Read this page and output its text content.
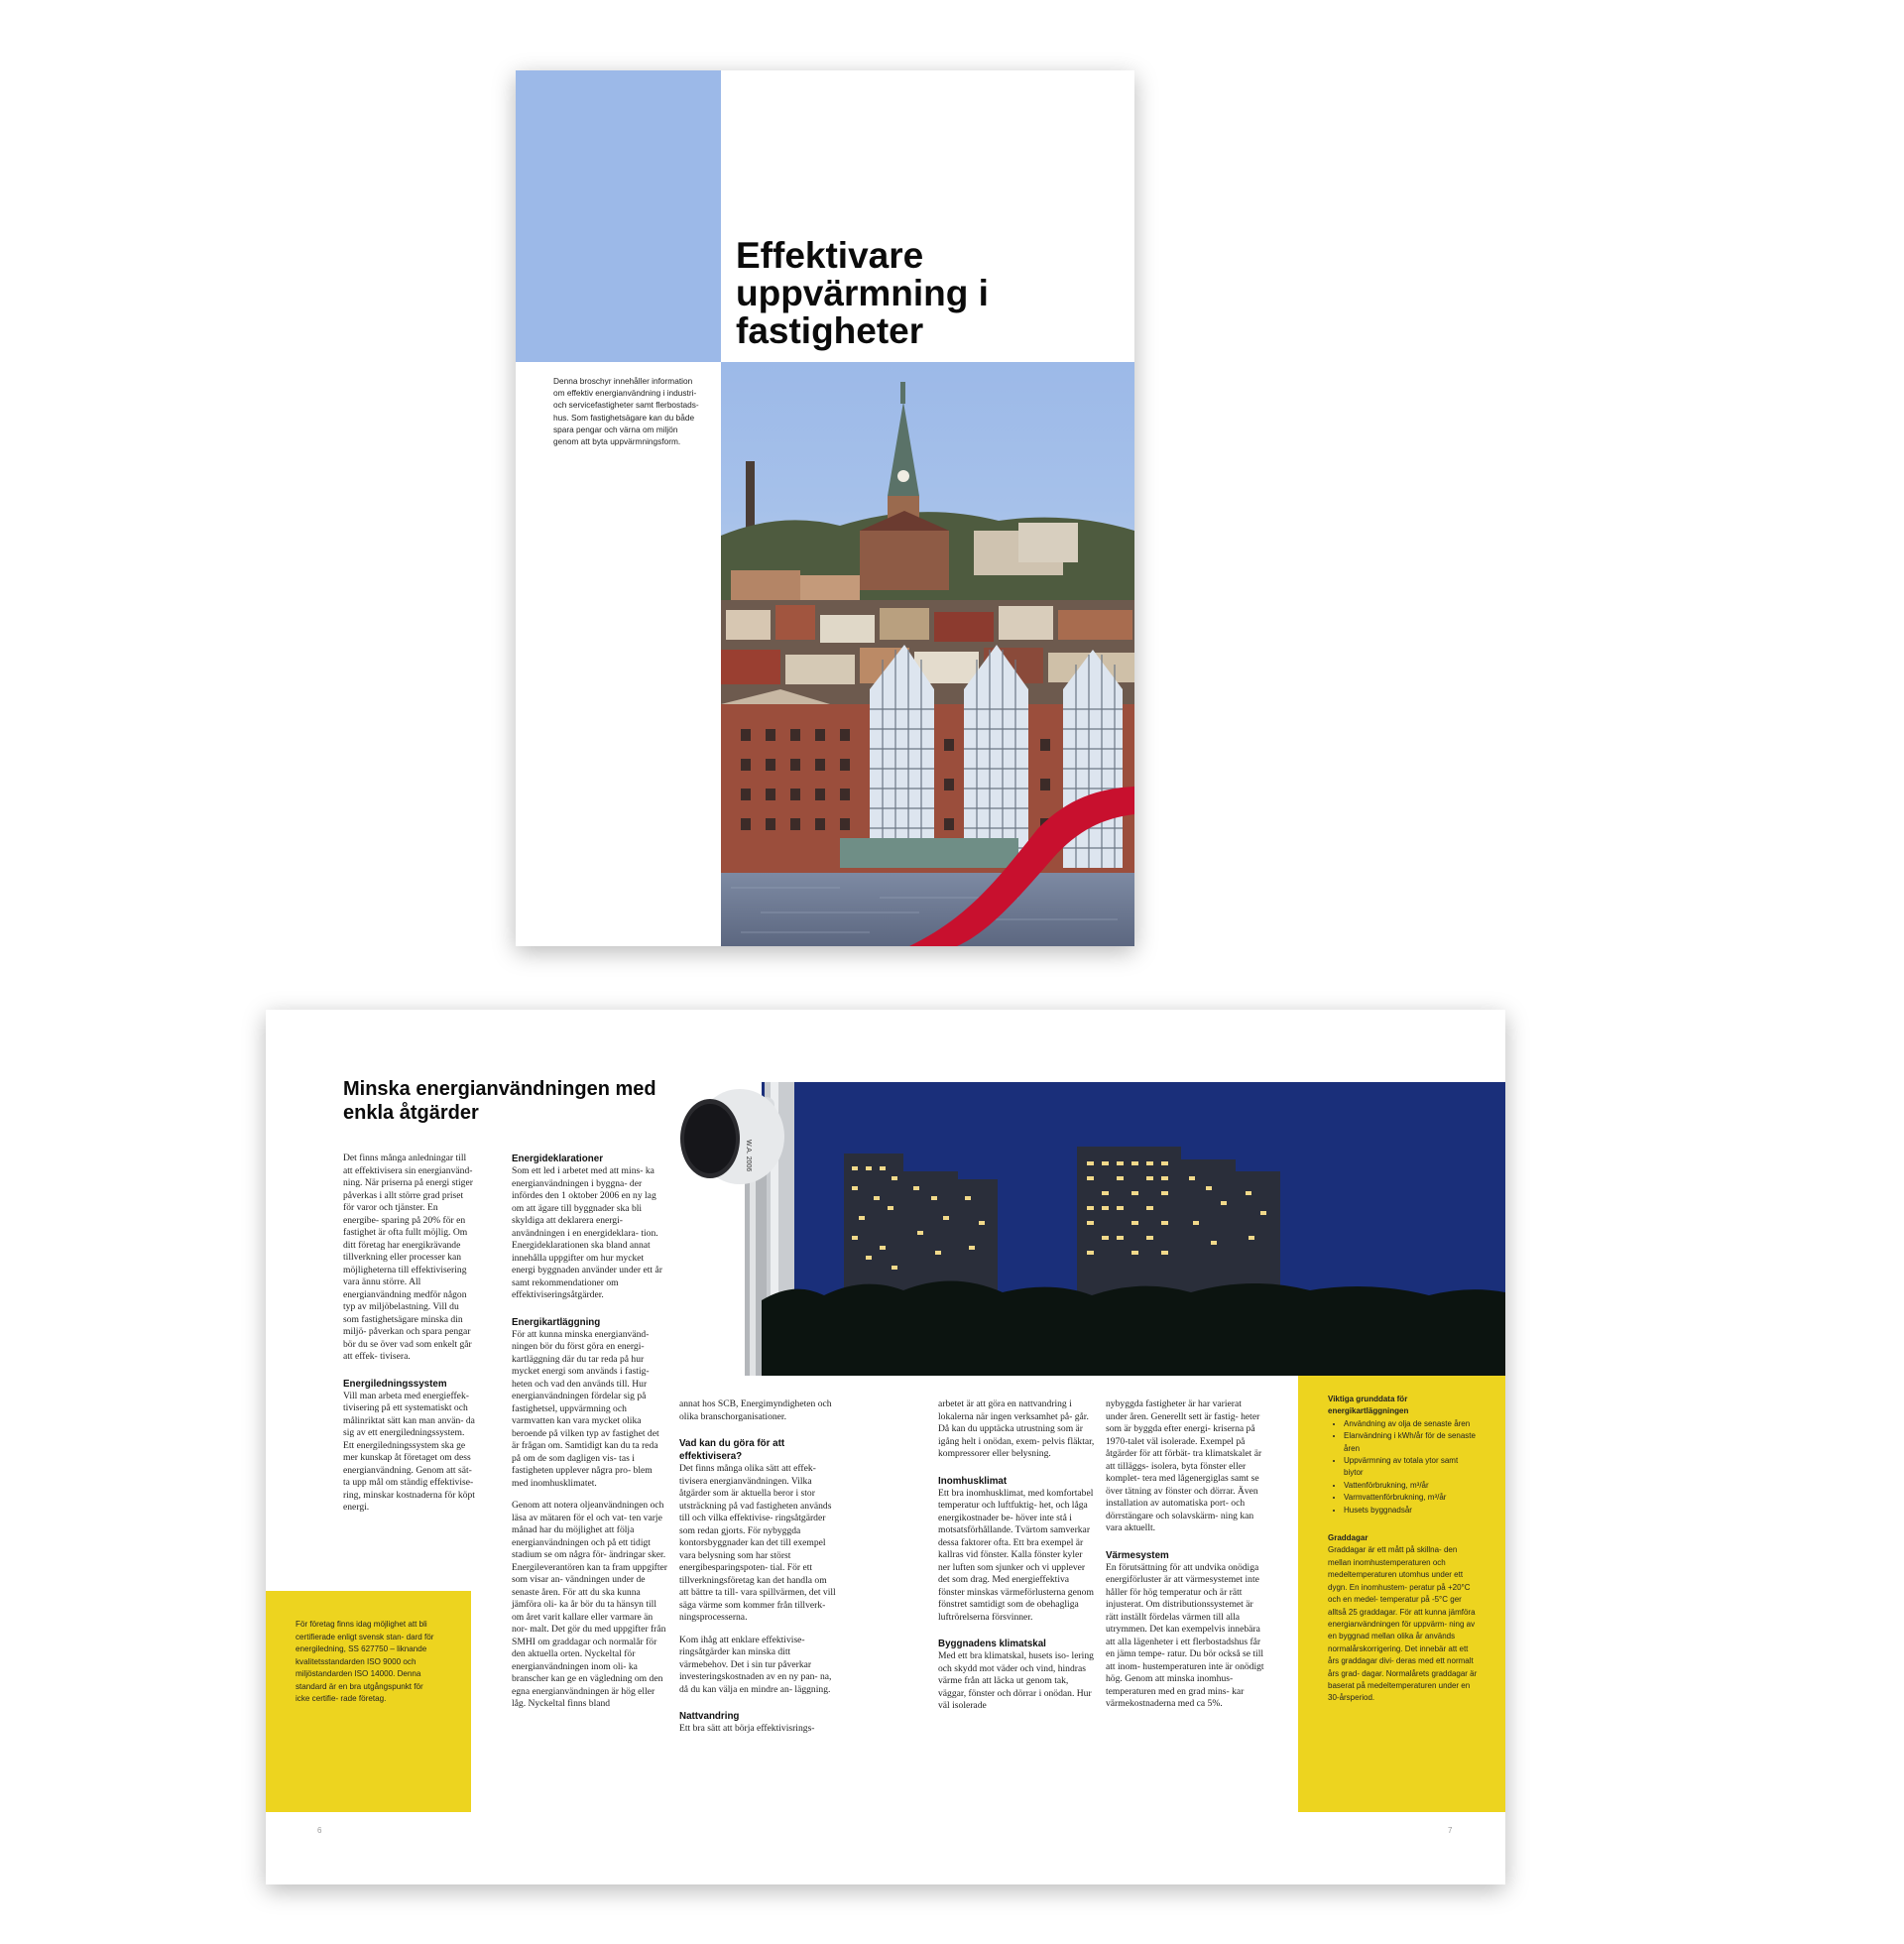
Effektivare uppvärmning i fastigheter

Denna broschyr innehåller information om effektiv energianvändning i industri- och servicefastigheter samt flerbostads- hus. Som fastighetsägare kan du både spara pengar och värna om miljön genom att byta uppvärmningsform.

Minska energianvändningen med enkla åtgärder

Det finns många anledningar till att effektivisera sin energianvänd- ning. När priserna på energi stiger påverkas i allt större grad priset för varor och tjänster. En energibe- sparing på 20% för en fastighet är ofta fullt möjlig. Om ditt företag har energikrävande tillverkning eller processer kan möjligheterna till effektivisering vara ännu större. All energianvändning medför någon typ av miljöbelastning. Vill du som fastighetsägare minska din miljö- påverkan och spara pengar bör du se över vad som enkelt går att effek- tivisera.

Energiledningssystem

Vill man arbeta med energieffek- tivisering på ett systematiskt och målinriktat sätt kan man använ- da sig av ett energiledningssystem. Ett energiledningssystem ska ge mer kunskap åt företaget om dess energianvändning. Genom att sät- ta upp mål om ständig effektivise- ring, minskar kostnaderna för köpt energi.

Energideklarationer

Som ett led i arbetet med att mins- ka energianvändningen i byggna- der infördes den 1 oktober 2006 en ny lag om att ägare till byggnader ska bli skyldiga att deklarera energi- användningen i en energideklara- tion. Energideklarationen ska bland annat innehålla uppgifter om hur mycket energi byggnaden använder under ett år samt rekommendationer om effektiviseringsåtgärder.

Energikartläggning

För att kunna minska energianvänd- ningen bör du först göra en energi- kartläggning där du tar reda på hur mycket energi som används i fastig- heten och vad den används till. Hur energianvändningen fördelar sig på fastighetsel, uppvärmning och varmvatten kan vara mycket olika beroende på vilken typ av fastighet det är frågan om. Samtidigt kan du ta reda på om de som dagligen vis- tas i fastigheten upplever några pro- blem med inomhusklimatet.

Genom att notera oljeanvändningen och läsa av mätaren för el och vat- ten varje månad har du möjlighet att följa energianvändningen och på ett tidigt stadium se om några för- ändringar sker. Energileverantören kan ta fram uppgifter som visar an- vändningen under de senaste åren. För att du ska kunna jämföra oli- ka år bör du ta hänsyn till om året varit kallare eller varmare än nor- malt. Det gör du med uppgifter från SMHI om graddagar och normalår för den aktuella orten. Nyckeltal för energianvändningen inom oli- ka branscher kan ge en vägledning om den egna energianvändningen är hög eller låg. Nyckeltal finns bland

annat hos SCB, Energimyndigheten och olika branschorganisationer.

Vad kan du göra för att effektivisera?

Det finns många olika sätt att effek- tivisera energianvändningen. Vilka åtgärder som är aktuella beror i stor utsträckning på vad fastigheten används till och vilka effektivise- ringsåtgärder som redan gjorts. För nybyggda kontorsbyggnader kan det till exempel vara belysning som har störst energibesparingspoten- tial. För ett tillverkningsföretag kan det handla om att bättre ta till- vara spillvärmen, det vill säga värme som kommer från tillverk- ningsprocesserna.

Kom ihåg att enklare effektivise- ringsåtgärder kan minska ditt värmebehov. Det i sin tur påverkar investeringskostnaden av en ny pan- na, då du kan välja en mindre an- läggning.

Nattvandring

Ett bra sätt att börja effektivisrings-

arbetet är att göra en nattvandring i lokalerna när ingen verksamhet på- går. Då kan du upptäcka utrustning som är igång helt i onödan, exem- pelvis fläktar, kompressorer eller belysning.

Inomhusklimat

Ett bra inomhusklimat, med komfortabel temperatur och luftfuktig- het, och låga energikostnader be- höver inte stå i motsatsförhållande. Tvärtom samverkar dessa faktorer ofta. Ett bra exempel är kallras vid fönster. Kalla fönster kyler ner luften som sjunker och vi upplever det som drag. Med energieffektiva fönster minskas värmeförlusterna genom fönstret samtidigt som de obehagliga luftrörelserna försvinner.

Byggnadens klimatskal

Med ett bra klimatskal, husets iso- lering och skydd mot väder och vind, hindras värme från att läcka ut genom tak, väggar, fönster och dörrar i onödan. Hur väl isolerade

nybyggda fastigheter är har varierat under åren. Generellt sett är fastig- heter som är byggda efter energi- kriserna på 1970-talet väl isolerade. Exempel på åtgärder för att förbät- tra klimatskalet är att tilläggs- isolera, byta fönster eller komplet- tera med lågenergiglas samt se över tätning av fönster och dörrar. Även installation av automatiska port- och dörrstängare och solavskärm- ning kan vara aktuellt.

Värmesystem

En förutsättning för att undvika onödiga energiförluster är att värmesystemet inte håller för hög temperatur och är rätt injusterat. Om distributionssystemet är rätt inställt fördelas värmen till alla utrymmen. Det kan exempelvis innebära att alla lägenheter i ett flerbostadshus får en jämn tempe- ratur. Du bör också se till att inom- hustemperaturen inte är onödigt hög. Genom att minska inomhus- temperaturen med en grad mins- kar värmekostnaderna med ca 5%.

För företag finns idag möjlighet att bli certifierade enligt svensk stan- dard för energiledning, SS 627750 – liknande kvalitetsstandarden ISO 9000 och miljöstandarden ISO 14000. Denna standard är en bra utgångspunkt för icke certifie- rade företag.

Viktiga grunddata för energikartläggningen
• Användning av olja de senaste åren
• Elanvändning i kWh/år för de senaste åren
• Uppvärmning av totala ytor samt biytor
• Vattenförbrukning, m³/år
• Varmvattenförbrukning, m³/år
• Husets byggnadsår
Graddagar

Graddagar är ett mått på skillna- den mellan inomhustemperaturen och medeltemperaturen utomhus under ett dygn. En inomhustem- peratur på +20°C och en medel- temperatur på -5°C ger alltså 25 graddagar. För att kunna jämföra energianvändningen för uppvärm- ning av en byggnad mellan olika år används normalårskorrigering. Det innebär att ett års graddagar divi- deras med ett normalt års grad- dagar. Normalårets graddagar är baserat på medeltemperaturen under en 30-årsperiod.

W.A. 2006
6	7
